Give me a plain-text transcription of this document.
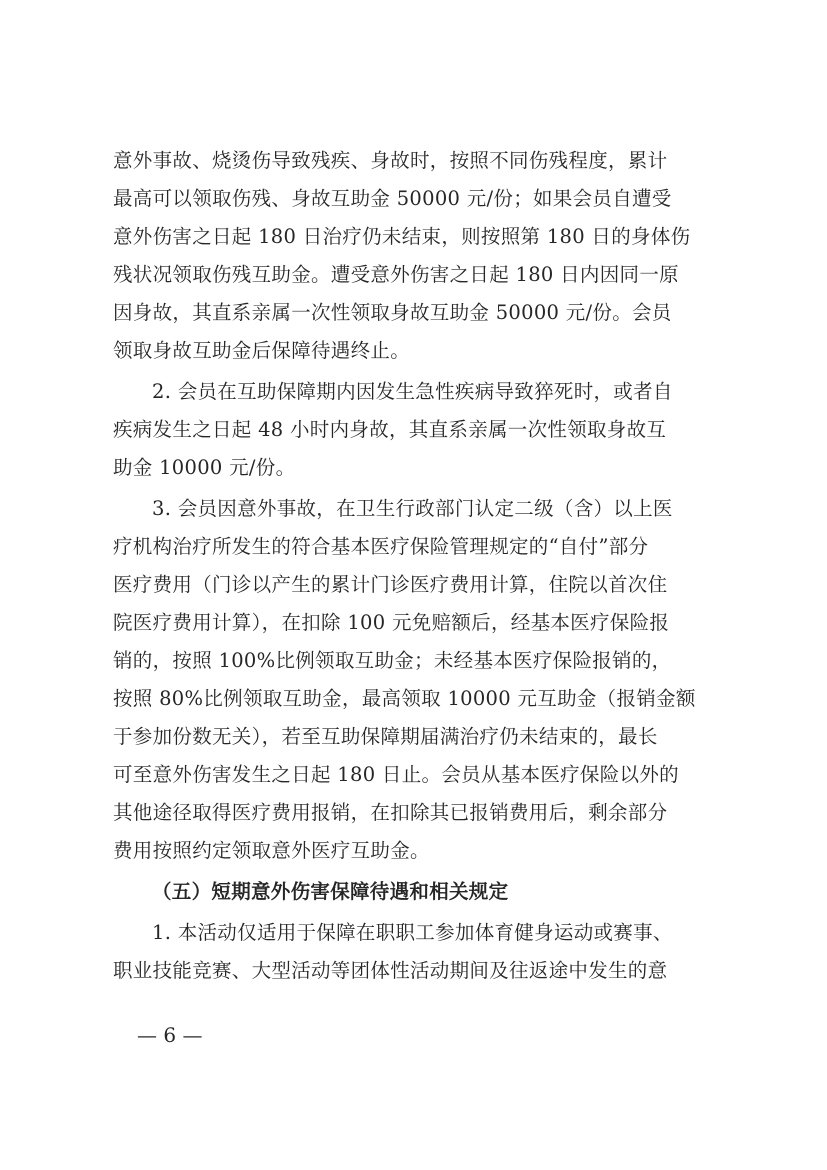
意外事故、烧烫伤导致残疾、身故时，按照不同伤残程度，累计
最高可以领取伤残、身故互助金 50000 元/份；如果会员自遭受
意外伤害之日起 180 日治疗仍未结束，则按照第 180 日的身体伤
残状况领取伤残互助金。遭受意外伤害之日起 180 日内因同一原
因身故，其直系亲属一次性领取身故互助金 50000 元/份。会员
领取身故互助金后保障待遇终止。
2. 会员在互助保障期内因发生急性疾病导致猝死时，或者自
疾病发生之日起 48 小时内身故，其直系亲属一次性领取身故互
助金 10000 元/份。
3. 会员因意外事故，在卫生行政部门认定二级（含）以上医
疗机构治疗所发生的符合基本医疗保险管理规定的“自付”部分
医疗费用（门诊以产生的累计门诊医疗费用计算，住院以首次住
院医疗费用计算），在扣除 100 元免赔额后，经基本医疗保险报
销的，按照 100%比例领取互助金；未经基本医疗保险报销的，
按照 80%比例领取互助金，最高领取 10000 元互助金（报销金额
于参加份数无关），若至互助保障期届满治疗仍未结束的，最长
可至意外伤害发生之日起 180 日止。会员从基本医疗保险以外的
其他途径取得医疗费用报销，在扣除其已报销费用后，剩余部分
费用按照约定领取意外医疗互助金。
（五）短期意外伤害保障待遇和相关规定
1. 本活动仅适用于保障在职职工参加体育健身运动或赛事、
职业技能竞赛、大型活动等团体性活动期间及往返途中发生的意
— 6 —
